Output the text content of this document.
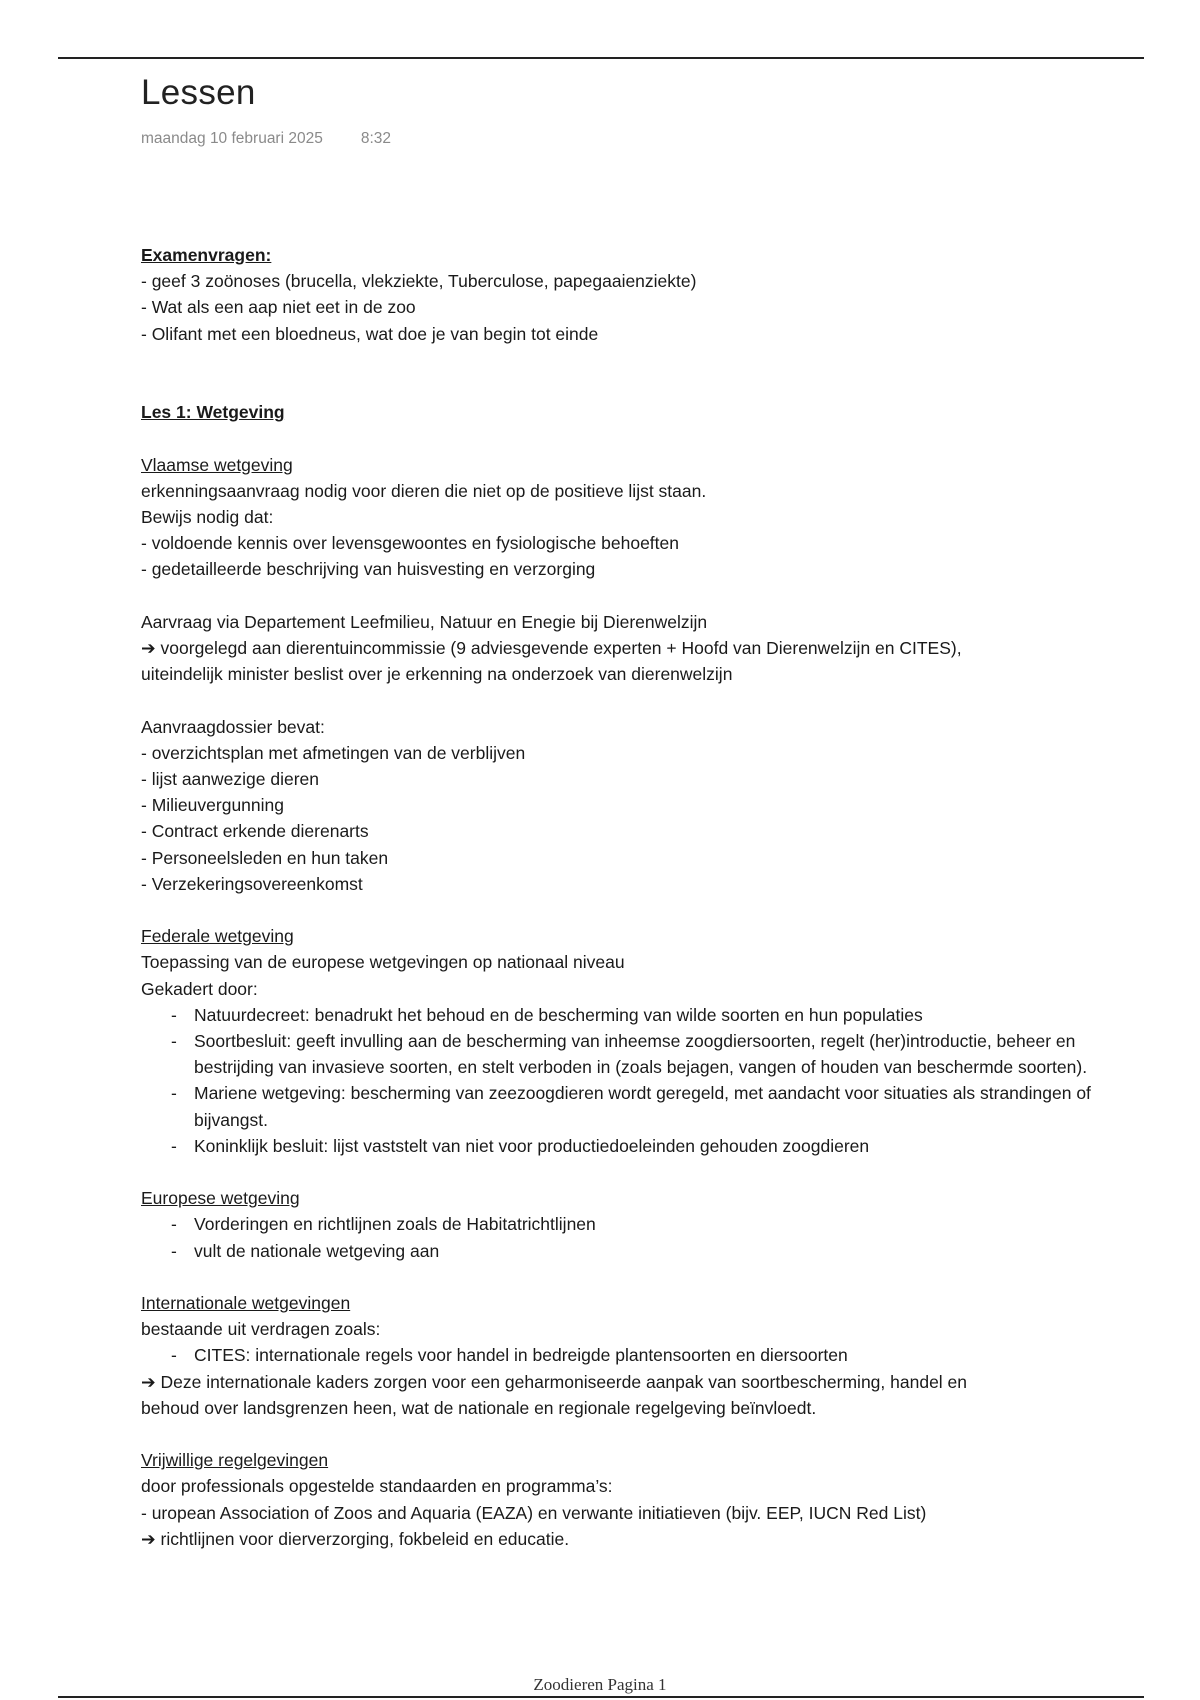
Lessen
maandag 10 februari 2025 8:32

Examenvragen:

- geef 3 zoönoses (brucella, vlekziekte, Tuberculose, papegaaienziekte)

- Wat als een aap niet eet in de zoo

- Olifant met een bloedneus, wat doe je van begin tot einde

Les 1: Wetgeving

Vlaamse wetgeving

erkenningsaanvraag nodig voor dieren die niet op de positieve lijst staan.

Bewijs nodig dat:

- voldoende kennis over levensgewoontes en fysiologische behoeften

- gedetailleerde beschrijving van huisvesting en verzorging

Aarvraag via Departement Leefmilieu, Natuur en Enegie bij Dierenwelzijn

➔ voorgelegd aan dierentuincommissie (9 adviesgevende experten + Hoofd van Dierenwelzijn en CITES),

uiteindelijk minister beslist over je erkenning na onderzoek van dierenwelzijn

Aanvraagdossier bevat:

- overzichtsplan met afmetingen van de verblijven

- lijst aanwezige dieren

- Milieuvergunning

- Contract erkende dierenarts

- Personeelsleden en hun taken

- Verzekeringsovereenkomst

Federale wetgeving

Toepassing van de europese wetgevingen op nationaal niveau

Gekadert door:

- Natuurdecreet: benadrukt het behoud en de bescherming van wilde soorten en hun populaties
- Soortbesluit: geeft invulling aan de bescherming van inheemse zoogdiersoorten, regelt (her)introductie, beheer en bestrijding van invasieve soorten, en stelt verboden in (zoals bejagen, vangen of houden van beschermde soorten).
- Mariene wetgeving: bescherming van zeezoogdieren wordt geregeld, met aandacht voor situaties als strandingen of bijvangst.
- Koninklijk besluit: lijst vaststelt van niet voor productiedoeleinden gehouden zoogdieren

Europese wetgeving

- Vorderingen en richtlijnen zoals de Habitatrichtlijnen
- vult de nationale wetgeving aan

Internationale wetgevingen

bestaande uit verdragen zoals:

- CITES: internationale regels voor handel in bedreigde plantensoorten en diersoorten

➔ Deze internationale kaders zorgen voor een geharmoniseerde aanpak van soortbescherming, handel en

behoud over landsgrenzen heen, wat de nationale en regionale regelgeving beïnvloedt.

Vrijwillige regelgevingen

door professionals opgestelde standaarden en programma’s:

- uropean Association of Zoos and Aquaria (EAZA) en verwante initiatieven (bijv. EEP, IUCN Red List)

➔ richtlijnen voor dierverzorging, fokbeleid en educatie.

Zoodieren Pagina 1
